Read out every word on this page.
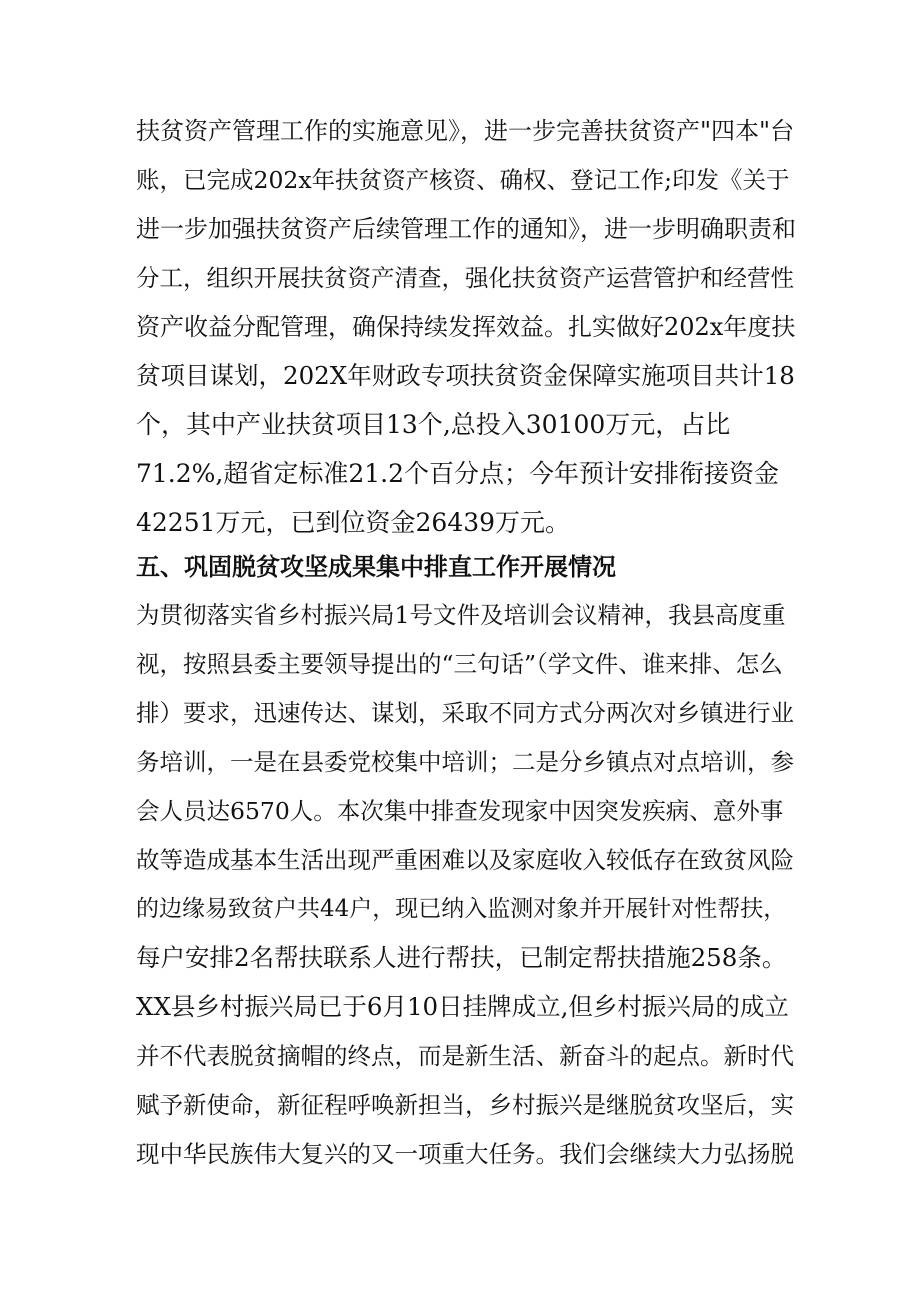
扶贫资产管理工作的实施意见》，进一步完善扶贫资产"四本"台
账，已完成202x年扶贫资产核资、确权、登记工作;印发《关于
进一步加强扶贫资产后续管理工作的通知》，进一步明确职责和
分工，组织开展扶贫资产清查，强化扶贫资产运营管护和经营性
资产收益分配管理，确保持续发挥效益。扎实做好202x年度扶
贫项目谋划，202X年财政专项扶贫资金保障实施项目共计18
个，其中产业扶贫项目13个,总投入30100万元，占比
71.2%,超省定标准21.2个百分点；今年预计安排衔接资金
42251万元，已到位资金26439万元。
五、巩固脱贫攻坚成果集中排直工作开展情况
为贯彻落实省乡村振兴局1号文件及培训会议精神，我县高度重
视，按照县委主要领导提出的“三句话”（学文件、谁来排、怎么
排）要求，迅速传达、谋划，采取不同方式分两次对乡镇进行业
务培训，一是在县委党校集中培训；二是分乡镇点对点培训，参
会人员达6570人。本次集中排查发现家中因突发疾病、意外事
故等造成基本生活出现严重困难以及家庭收入较低存在致贫风险
的边缘易致贫户共44户，现已纳入监测对象并开展针对性帮扶，
每户安排2名帮扶联系人进行帮扶，已制定帮扶措施258条。
XX县乡村振兴局已于6月10日挂牌成立,但乡村振兴局的成立
并不代表脱贫摘帽的终点，而是新生活、新奋斗的起点。新时代
赋予新使命，新征程呼唤新担当，乡村振兴是继脱贫攻坚后，实
现中华民族伟大复兴的又一项重大任务。我们会继续大力弘扬脱
